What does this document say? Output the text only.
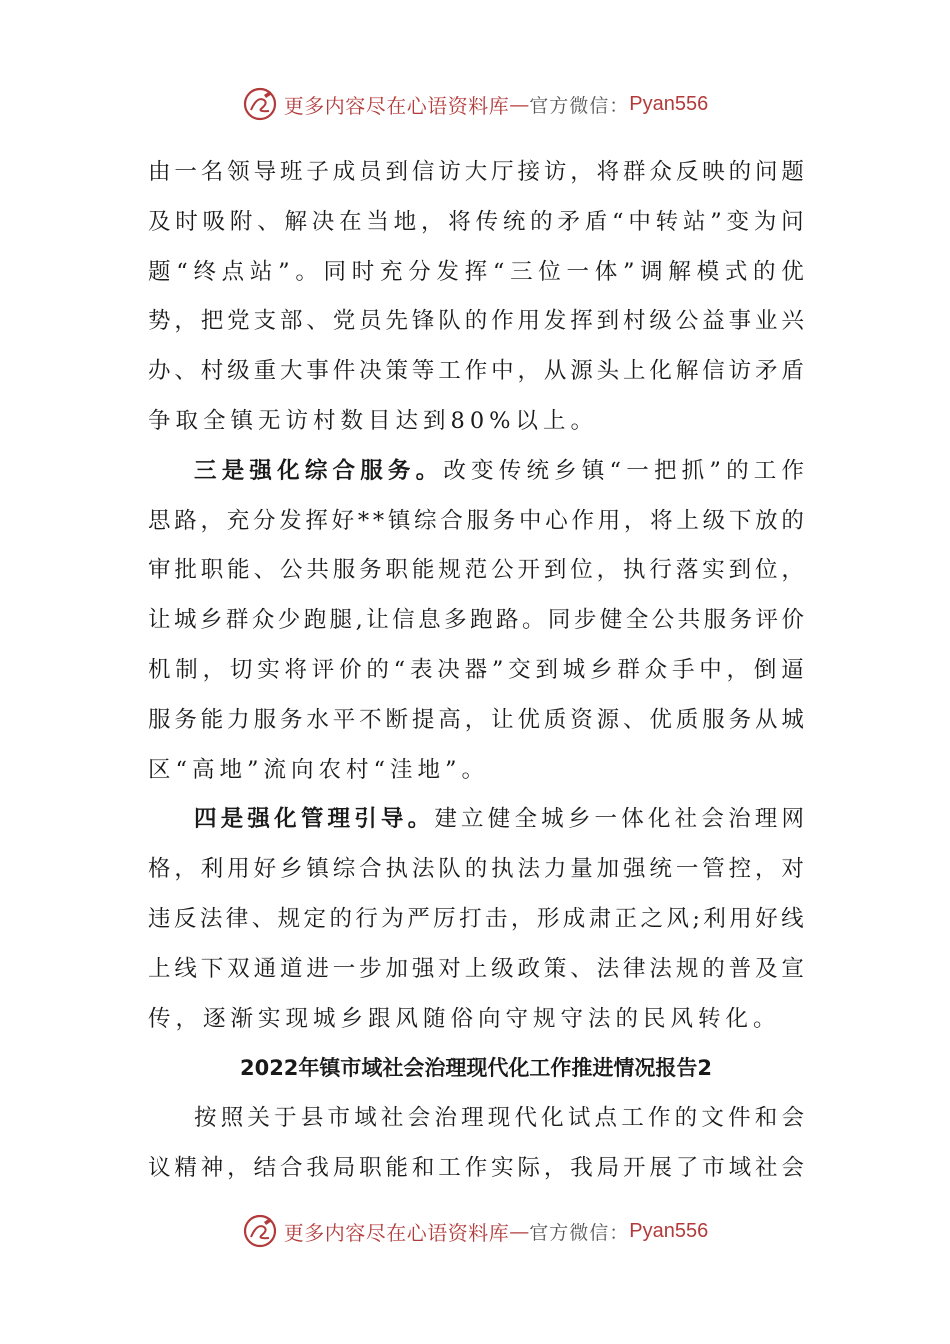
更多内容尽在心语资料库 — 官方微信： Pyan556
由 一 名 领 导 班 子 成 员 到 信 访 大 厅 接 访 ， 将 群 众 反 映 的 问 题
及 时 吸 附 、 解 决 在 当 地 ， 将 传 统 的 矛 盾 “ 中 转 站 ” 变 为 问
题 “ 终 点 站 ” 。 同 时 充 分 发 挥 “ 三 位 一 体 ” 调 解 模 式 的 优
势 ， 把 党 支 部 、 党 员 先 锋 队 的 作 用 发 挥 到 村 级 公 益 事 业 兴
办 、 村 级 重 大 事 件 决 策 等 工 作 中 ， 从 源 头 上 化 解 信 访 矛 盾
争取全镇无访村数目达到80%以上。
三 是 强 化 综 合 服 务 。 改 变 传 统 乡 镇 “ 一 把 抓 ” 的 工 作
思 路 ， 充 分 发 挥 好 * * 镇 综 合 服 务 中 心 作 用 ， 将 上 级 下 放 的
审 批 职 能 、 公 共 服 务 职 能 规 范 公 开 到 位 ， 执 行 落 实 到 位 ，
让 城 乡 群 众 少 跑 腿 , 让 信 息 多 跑 路 。 同 步 健 全 公 共 服 务 评 价
机 制 ， 切 实 将 评 价 的 “ 表 决 器 ” 交 到 城 乡 群 众 手 中 ， 倒 逼
服 务 能 力 服 务 水 平 不 断 提 高 ， 让 优 质 资 源 、 优 质 服 务 从 城
区“高地”流向农村“洼地”。
四 是 强 化 管 理 引 导 。 建 立 健 全 城 乡 一 体 化 社 会 治 理 网
格 ， 利 用 好 乡 镇 综 合 执 法 队 的 执 法 力 量 加 强 统 一 管 控 ， 对
违 反 法 律 、 规 定 的 行 为 严 厉 打 击 ， 形 成 肃 正 之 风 ; 利 用 好 线
上 线 下 双 通 道 进 一 步 加 强 对 上 级 政 策 、 法 律 法 规 的 普 及 宣
传，逐渐实现城乡跟风随俗向守规守法的民风转化。
2022年镇市域社会治理现代化工作推进情况报告2
按 照 关 于 县 市 域 社 会 治 理 现 代 化 试 点 工 作 的 文 件 和 会
议 精 神 ， 结 合 我 局 职 能 和 工 作 实 际 ， 我 局 开 展 了 市 域 社 会
更多内容尽在心语资料库 — 官方微信： Pyan556
